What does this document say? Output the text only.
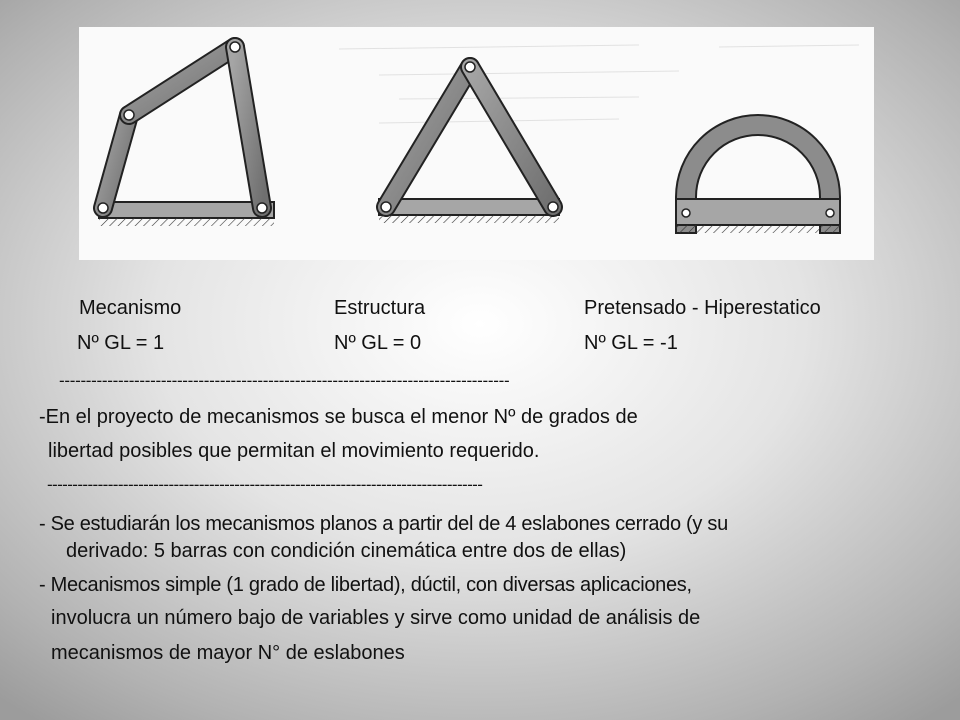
Mecanismo	Estructura	Pretensado - Hiperestatico

Nº GL = 1	Nº GL = 0	Nº GL = -1

------------------------------------------------------------------------------------

-En el proyecto de mecanismos se busca el menor Nº de grados de

libertad posibles que permitan el movimiento requerido.

--------------------------------------------------------------------------------------

- Se estudiarán los mecanismos planos a partir del de 4 eslabones cerrado (y su

derivado: 5 barras con condición cinemática entre dos de ellas)

- Mecanismos simple (1 grado de libertad), dúctil, con diversas aplicaciones,

involucra un número bajo de variables y sirve como unidad de análisis de

mecanismos de mayor N° de eslabones
